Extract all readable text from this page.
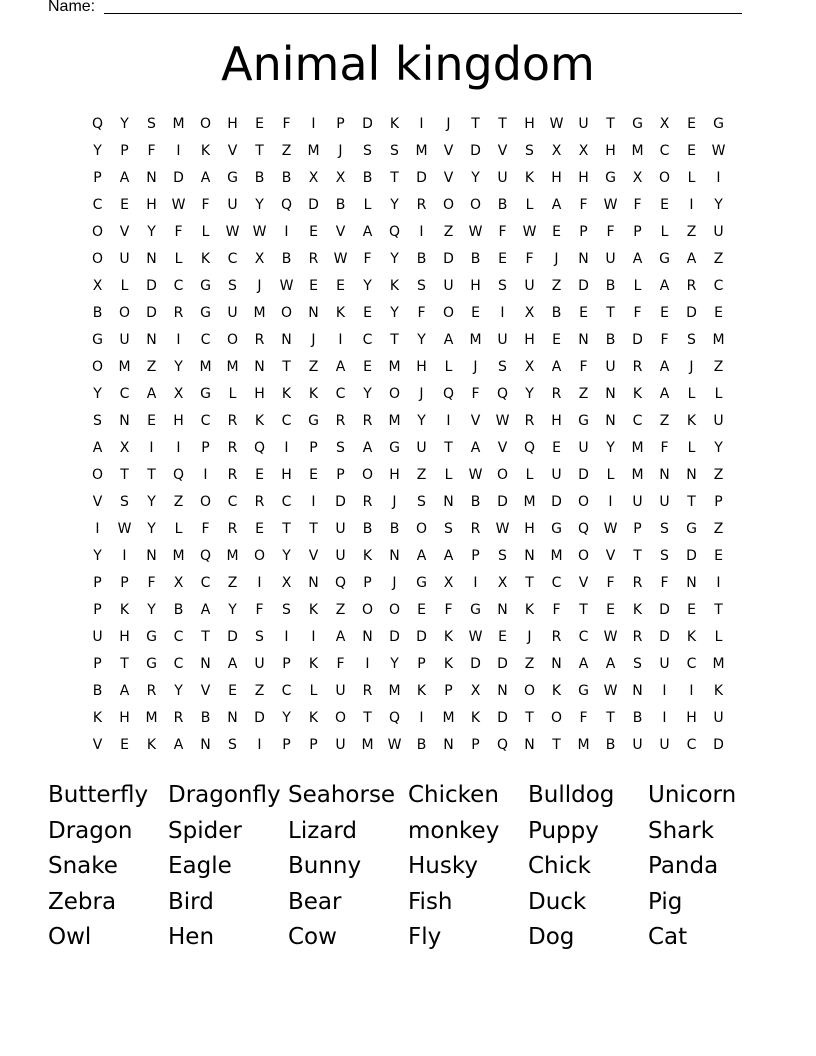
Name:
Animal kingdom
Q	Y	S	M	O	H	E	F	I	P	D	K	I	J	T	T	H	W	U	T	G	X	E	G
Y	P	F	I	K	V	T	Z	M	J	S	S	M	V	D	V	S	X	X	H	M	C	E	W
P	A	N	D	A	G	B	B	X	X	B	T	D	V	Y	U	K	H	H	G	X	O	L	I
C	E	H	W	F	U	Y	Q	D	B	L	Y	R	O	O	B	L	A	F	W	F	E	I	Y
O	V	Y	F	L	W W	I	E	V	A	Q	I	Z	W	F	W	E	P	F	P	L	Z	U
O	U	N	L	K	C	X	B	R	W	F	Y	B	D	B	E	F	J	N	U	A	G	A	Z
X	L	D	C	G	S	J	W	E	E	Y	K	S	U	H	S	U	Z	D	B	L	A	R	C
B	O	D	R	G	U	M	O	N	K	E	Y	F	O	E	I	X	B	E	T	F	E	D	E
G	U	N	I	C	O	R	N	J	I	C	T	Y	A	M	U	H	E	N	B	D	F	S	M
O	M	Z	Y	M	M	N	T	Z	A	E	M	H	L	J	S	X	A	F	U	R	A	J	Z
Y	C	A	X	G	L	H	K	K	C	Y	O	J	Q	F	Q	Y	R	Z	N	K	A	L	L
S	N	E	H	C	R	K	C	G	R	R	M	Y	I	V	W	R	H	G	N	C	Z	K	U
A	X	I	I	P	R	Q	I	P	S	A	G	U	T	A	V	Q	E	U	Y	M	F	L	Y
O	T	T	Q	I	R	E	H	E	P	O	H	Z	L	W	O	L	U	D	L	M	N	N	Z
V	S	Y	Z	O	C	R	C	I	D	R	J	S	N	B	D	M	D	O	I	U	U	T	P
I	W	Y	L	F	R	E	T	T	U	B	B	O	S	R	W	H	G	Q	W	P	S	G	Z
Y	I	N	M	Q	M	O	Y	V	U	K	N	A	A	P	S	N	M	O	V	T	S	D	E
P	P	F	X	C	Z	I	X	N	Q	P	J	G	X	I	X	T	C	V	F	R	F	N	I
P	K	Y	B	A	Y	F	S	K	Z	O	O	E	F	G	N	K	F	T	E	K	D	E	T
U	H	G	C	T	D	S	I	I	A	N	D	D	K	W	E	J	R	C	W	R	D	K	L
P	T	G	C	N	A	U	P	K	F	I	Y	P	K	D	D	Z	N	A	A	S	U	C	M
B	A	R	Y	V	E	Z	C	L	U	R	M	K	P	X	N	O	K	G	W	N	I	I	K
K	H	M	R	B	N	D	Y	K	O	T	Q	I	M	K	D	T	O	F	T	B	I	H	U
V	E	K	A	N	S	I	P	P	U	M	W	B	N	P	Q	N	T	M	B	U	U	C	D
Butterfly Dragonfly Seahorse Chicken	Bulldog	Unicorn
Dragon	Spider	Lizard	monkey	Puppy	Shark
Snake	Eagle	Bunny	Husky	Chick	Panda
Zebra	Bird	Bear	Fish	Duck	Pig
Owl	Hen	Cow	Fly	Dog	Cat
